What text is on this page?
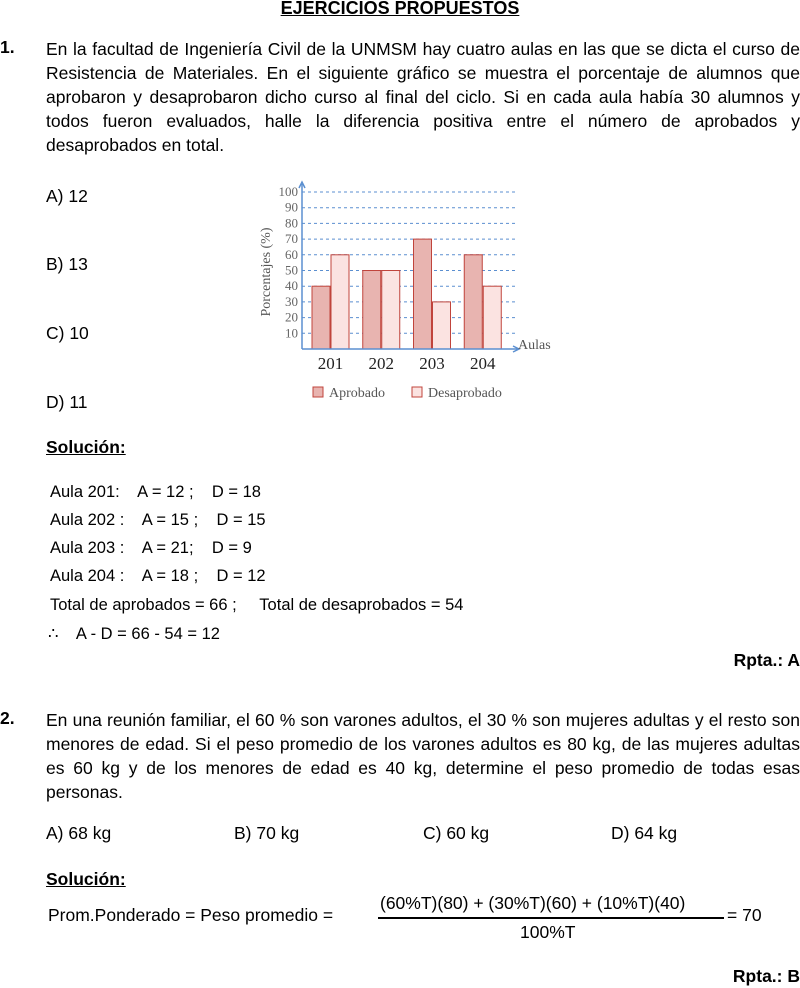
EJERCICIOS PROPUESTOS
1. En la facultad de Ingeniería Civil de la UNMSM hay cuatro aulas en las que se dicta el curso de Resistencia de Materiales. En el siguiente gráfico se muestra el porcentaje de alumnos que aprobaron y desaprobaron dicho curso al final del ciclo. Si en cada aula había 30 alumnos y todos fueron evaluados, halle la diferencia positiva entre el número de aprobados y desaprobados en total.
A) 12
B) 13
C) 10
D) 11
10
20
30
40
50
60
70
80
90
100
201 202 203 204
Porcentajes (%)
Aulas
Aprobado	Desaprobado
Solución:
Aula 201:    A = 12 ;    D = 18
Aula 202 :    A = 15 ;    D = 15
Aula 203 :    A = 21;    D = 9
Aula 204 :    A = 18 ;    D = 12
Total de aprobados = 66 ;     Total de desaprobados = 54
∴    A - D = 66 - 54 = 12
Rpta.: A
2. En una reunión familiar, el 60 % son varones adultos, el 30 % son mujeres adultas y el resto son menores de edad. Si el peso promedio de los varones adultos es 80 kg, de las mujeres adultas es 60 kg y de los menores de edad es 40 kg, determine el peso promedio de todas esas personas.
A) 68 kg	B) 70 kg	C) 60 kg	D) 64 kg
Solución:
Prom.Ponderado = Peso promedio =
(60%T)(80) + (30%T)(60) + (10%T)(40)
100%T
= 70
Rpta.: B
